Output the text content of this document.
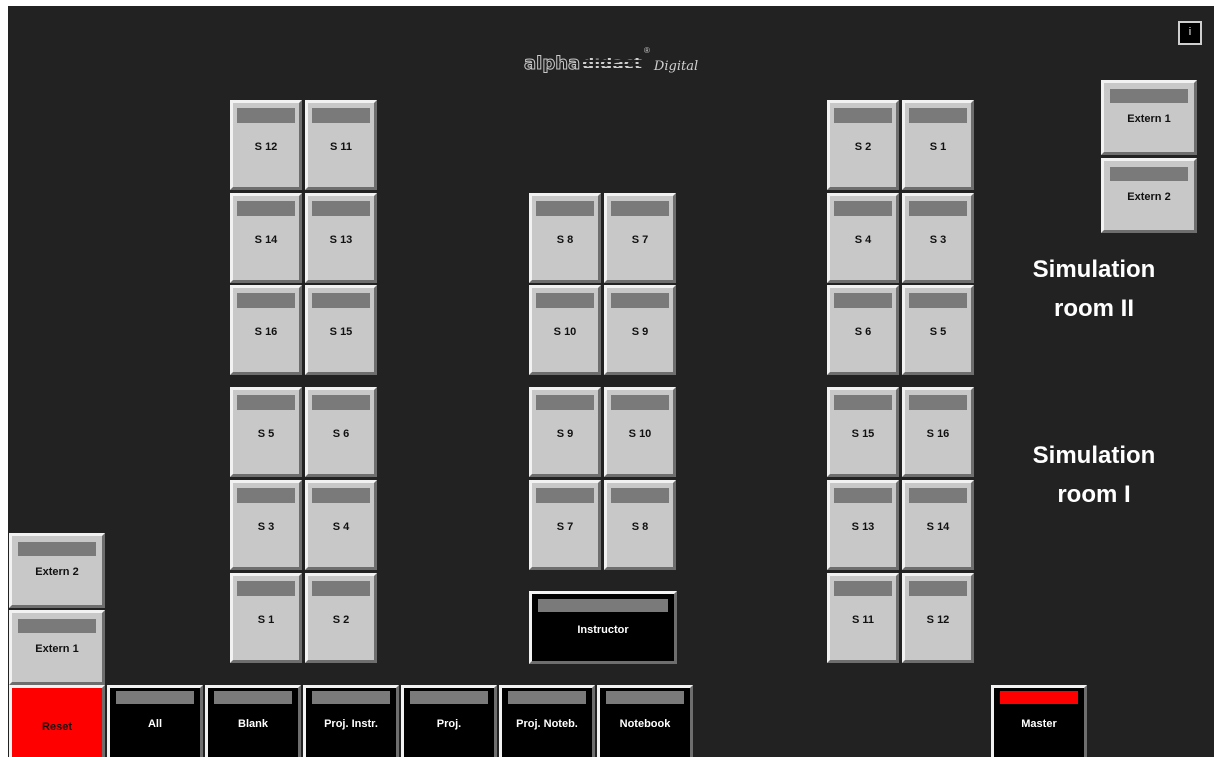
alpha didact
®
Digital
i
S 12	S 11
S 14	S 13
S 16	S 15
S 8	S 7
S 10	S 9
S 2	S 1
S 4	S 3
S 6	S 5
Extern 1
Extern 2
Simulation
room II
S 5	S 6
S 3	S 4
S 1	S 2
S 9	S 10
S 7	S 8
S 15	S 16
S 13	S 14
S 11	S 12
Simulation
room I
Extern 2
Extern 1
Instructor
Reset	All	Blank	Proj. Instr.	Proj.	Proj. Noteb.	Notebook	Master
